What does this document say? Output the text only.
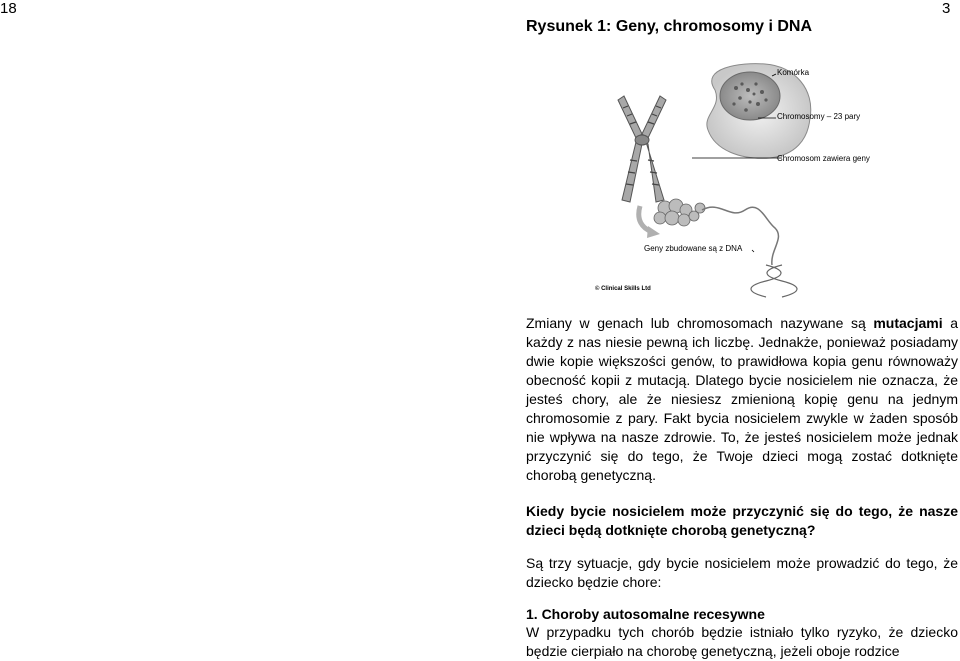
18	3
Rysunek 1: Geny, chromosomy i DNA
Komórka
Chromosomy – 23 pary
Chromosom zawiera geny
Geny zbudowane są z DNA
© Clinical Skills Ltd

Zmiany w genach lub chromosomach nazywane są mutacjami a każdy z nas niesie pewną ich liczbę. Jednakże, ponieważ posiadamy dwie kopie większości genów, to prawidłowa kopia genu równoważy obecność kopii z mutacją. Dlatego bycie nosicielem nie oznacza, że jesteś chory, ale że niesiesz zmienioną kopię genu na jednym chromosomie z pary. Fakt bycia nosicielem zwykle w żaden sposób nie wpływa na nasze zdrowie. To, że jesteś nosicielem może jednak przyczynić się do tego, że Twoje dzieci mogą zostać dotknięte chorobą genetyczną.

Kiedy bycie nosicielem może przyczynić się do tego, że nasze dzieci będą dotknięte chorobą genetyczną?
Są trzy sytuacje, gdy bycie nosicielem może prowadzić do tego, że dziecko będzie chore:
1. Choroby autosomalne recesywne
W przypadku tych chorób będzie istniało tylko ryzyko, że dziecko będzie cierpiało na chorobę genetyczną, jeżeli oboje rodzice
